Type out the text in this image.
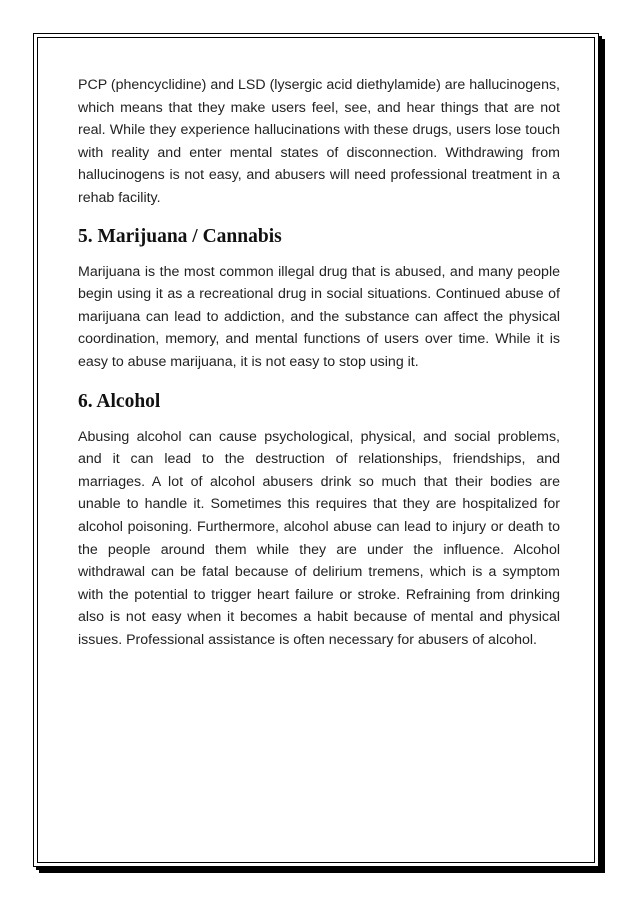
PCP (phencyclidine) and LSD (lysergic acid diethylamide) are hallucinogens, which means that they make users feel, see, and hear things that are not real. While they experience hallucinations with these drugs, users lose touch with reality and enter mental states of disconnection. Withdrawing from hallucinogens is not easy, and abusers will need professional treatment in a rehab facility.

5. Marijuana / Cannabis

Marijuana is the most common illegal drug that is abused, and many people begin using it as a recreational drug in social situations. Continued abuse of marijuana can lead to addiction, and the substance can affect the physical coordination, memory, and mental functions of users over time. While it is easy to abuse marijuana, it is not easy to stop using it.

6. Alcohol

Abusing alcohol can cause psychological, physical, and social problems, and it can lead to the destruction of relationships, friendships, and marriages. A lot of alcohol abusers drink so much that their bodies are unable to handle it. Sometimes this requires that they are hospitalized for alcohol poisoning. Furthermore, alcohol abuse can lead to injury or death to the people around them while they are under the influence. Alcohol withdrawal can be fatal because of delirium tremens, which is a symptom with the potential to trigger heart failure or stroke. Refraining from drinking also is not easy when it becomes a habit because of mental and physical issues. Professional assistance is often necessary for abusers of alcohol.
